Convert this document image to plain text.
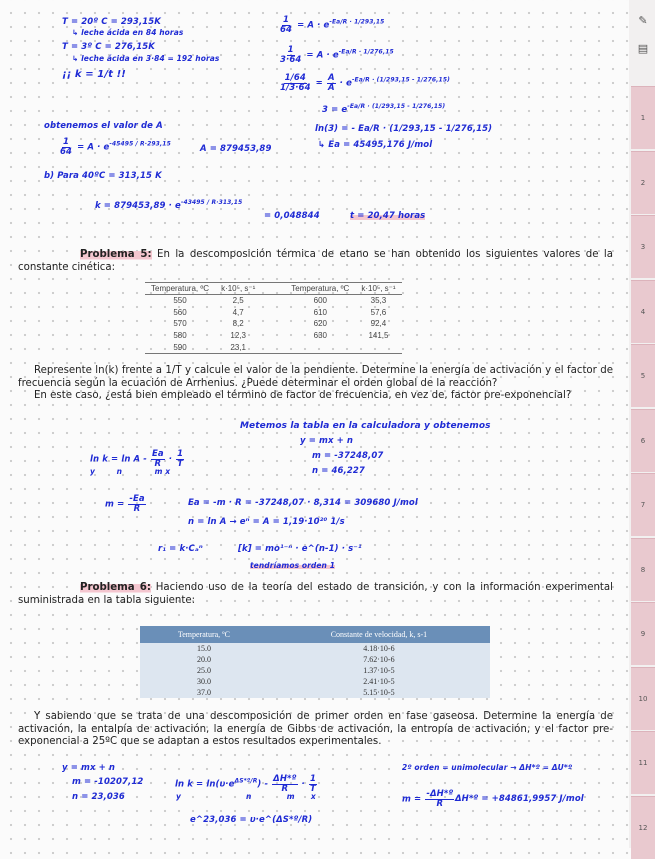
✎
▤
1
2
3
4
5
6
7
8
9
10
11
12
T = 20º C = 293,15K
↳ leche ácida en 84 horas
T = 3º C = 276,15K
↳ leche ácida en 3·84 = 192 horas
¡¡ k = 1/t !!
$\frac{1}{64} = A \cdot e^{-Ea/R \cdot 1/293,15}$
$\frac{1}{3\cdot 64} = A \cdot e^{-Ea/R \cdot 1/276,15}$
$\frac{1/64}{1/3\cdot 64} = \frac{A}{A} \cdot e^{-Ea/R \cdot (1/293,15 - 1/276,15)}$
$3 = e^{-Ea/R \cdot (1/293,15 - 1/276,15)}$
ln(3) = - Ea/R · (1/293,15 - 1/276,15)
↳ Ea = 45495,176 J/mol
obtenemos el valor de A
$\frac{1}{64} = A \cdot e^{-45495 / R\cdot 293,15}$	A = 879453,89
b) Para 40ºC = 313,15 K
$k = 879453,89 \cdot e^{-43495 / R\cdot 313,15}$
= 0,048844	t = 20,47 horas
Problema 5: En la descomposición térmica de etano se han obtenido los siguientes valores de la constante cinética:
Temperatura, ºC	k·10⁵, s⁻¹	Temperatura, ºC	k·10⁵, s⁻¹
550	2,5	600	35,3
560	4,7	610	57,6
570	8,2	620	92,4
580	12,3	630	141,5
590	23,1		
Represente ln(k) frente a 1/T y calcule el valor de la pendiente. Determine la energía de activación y el factor de frecuencia según la ecuación de Arrhenius. ¿Puede determinar el orden global de la reacción?
En este caso, ¿está bien empleado el término de factor de frecuencia, en vez de, factor pre-exponencial?
Metemos la tabla en la calculadora y obtenemos
y = mx + n
m = -37248,07
n = 46,227
$\ln k = \ln A - \frac{Ea}{R} \cdot \frac{1}{T}$
y        n            m x
$m = \frac{-Ea}{R}$	Ea = -m · R = -37248,07 · 8,314 = 309680 J/mol
n = ln A → eⁿ = A = 1,19·10²⁰ 1/s
r₁ = k·Cₐⁿ	[k] = mo¹⁻ⁿ · e^(n-1) · s⁻¹
tendríamos orden 1
Problema 6: Haciendo uso de la teoría del estado de transición, y con la información experimental suministrada en la tabla siguiente:
Temperatura, ºC	Constante de velocidad, k, s-1
15.0	4.18·10-6
20.0	7.62·10-6
25.0	1.37·10-5
30.0	2.41·10-5
37.0	5.15·10-5
Y sabiendo que se trata de una descomposición de primer orden en fase gaseosa. Determine la energía de activación, la entalpía de activación, la energía de Gibbs de activación, la entropía de activación, y el factor pre-exponencial a 25ºC que se adaptan a estos resultados experimentales.
y = mx + n
m = -10207,12
n = 23,036
$\ln k = \ln(\upsilon\cdot e^{\Delta S*º/R}) - \frac{\text{ΔH*º}}{R} \cdot \frac{1}{T}$
y                        n             m      x
2º orden = unimolecular → ΔH*º = ΔU*º
$m = \frac{\text{-ΔH*º}}{R}$ ΔH*º = +84861,9957 J/mol
e^23,036 = υ·e^(ΔS*º/R)
